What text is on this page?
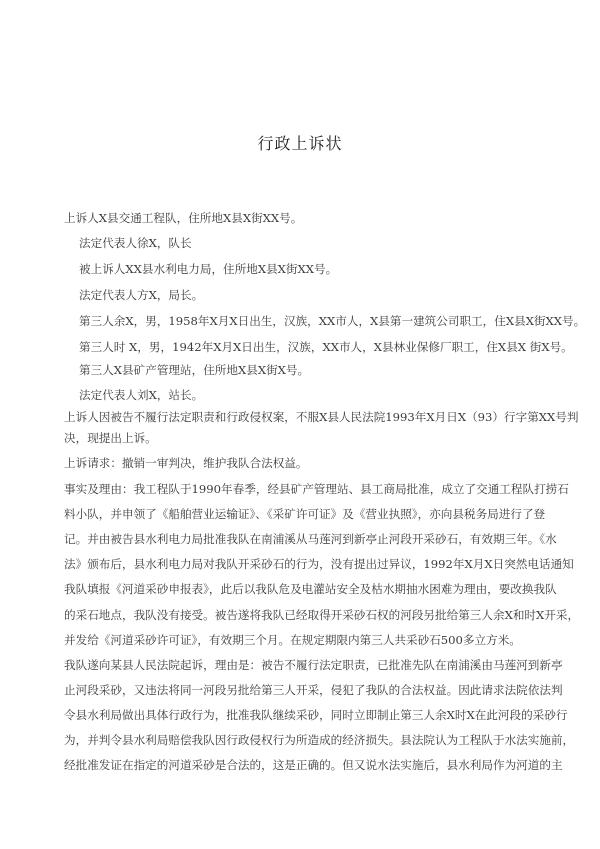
行政上诉状
上诉人X县交通工程队，住所地X县X街XX号。
法定代表人徐X，队长
被上诉人XX县水利电力局，住所地X县X街XX号。
法定代表人方X，局长。
第三人余X，男，1958年X月X日出生，汉族，XX市人，X县第一建筑公司职工，住X县X街XX号。
第三人时 X，男，1942年X月X日出生，汉族，XX市人，X县林业保修厂职工，住X县X 街X号。
第三人X县矿产管理站，住所地X县X街X号。
法定代表人刘X，站长。
上诉人因被告不履行法定职责和行政侵权案，不服X县人民法院1993年X月日X（93）行字第XX号判
决，现提出上诉。
上诉请求：撤销一审判决，维护我队合法权益。
事实及理由：我工程队于1990年春季，经县矿产管理站、县工商局批准，成立了交通工程队打捞石
料小队，并申领了《船舶营业运输证》、《采矿许可证》及《营业执照》，亦向县税务局进行了登
记。并由被告县水利电力局批准我队在南浦溪从马莲河到新亭止河段开采砂石，有效期三年。《水
法》颁布后，县水利电力局对我队开采砂石的行为，没有提出过异议，1992年X月X日突然电话通知
我队填报《河道采砂申报表》，此后以我队危及电灌站安全及枯水期抽水困难为理由，要改换我队
的采石地点，我队没有接受。被告遂将我队已经取得开采砂石权的河段另批给第三人余X和时X开采，
并发给《河道采砂许可证》，有效期三个月。在规定期限内第三人共采砂石500多立方米。
我队遂向某县人民法院起诉，理由是：被告不履行法定职责，已批准先队在南浦溪由马莲河到新亭
止河段采砂，又违法将同一河段另批给第三人开采，侵犯了我队的合法权益。因此请求法院依法判
令县水利局做出具体行政行为，批准我队继续采砂，同时立即制止第三人余X时X在此河段的采砂行
为，并判令县水利局赔偿我队因行政侵权行为所造成的经济损失。县法院认为工程队于水法实施前，
经批准发证在指定的河道采砂是合法的，这是正确的。但又说水法实施后，县水利局作为河道的主
